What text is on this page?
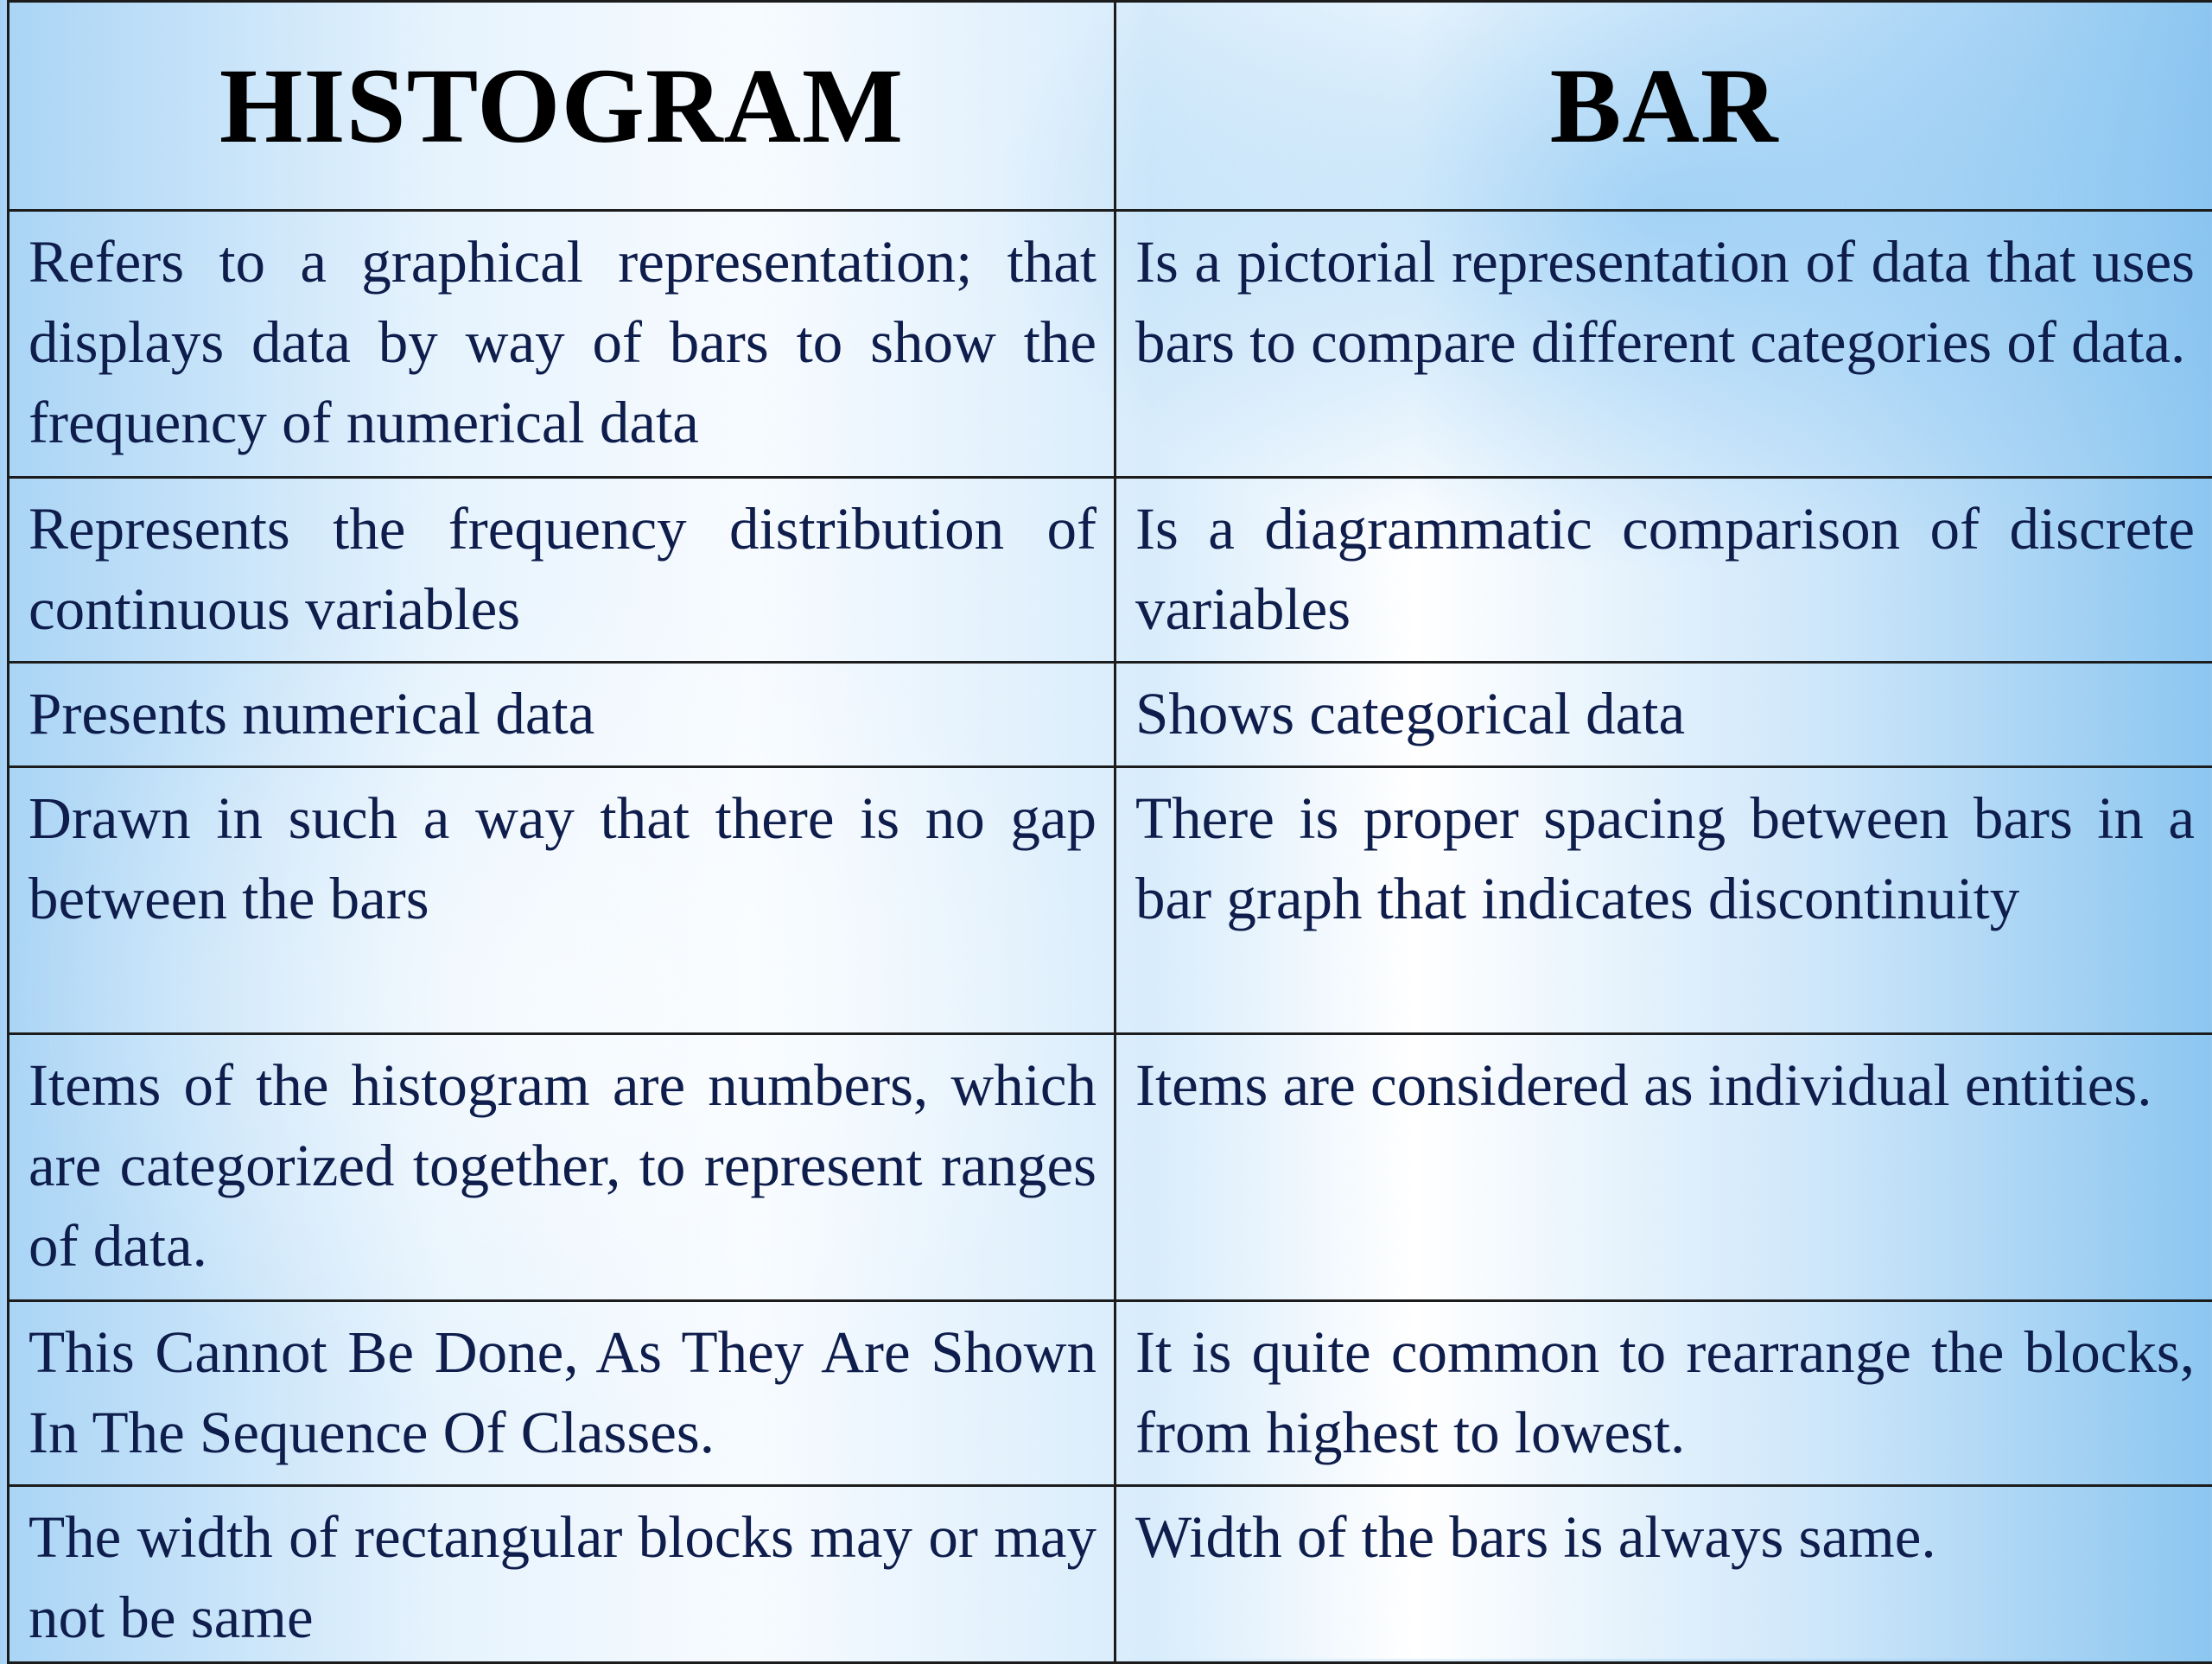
HISTOGRAM	BAR
Refers to a graphical representation; that displays data by way of bars to show the frequency of numerical data	Is a pictorial representation of data that uses bars to compare different categories of data.
Represents the frequency distribution of continuous variables	Is a diagrammatic comparison of discrete variables
Presents numerical data	Shows categorical data
Drawn in such a way that there is no gap between the bars	There is proper spacing between bars in a bar graph that indicates discontinuity
Items of the histogram are numbers, which are categorized together, to represent ranges of data.	Items are considered as individual entities.
This Cannot Be Done, As They Are Shown In The Sequence Of Classes.	It is quite common to rearrange the blocks, from highest to lowest.
The width of rectangular blocks may or may not be same	Width of the bars is always same.
